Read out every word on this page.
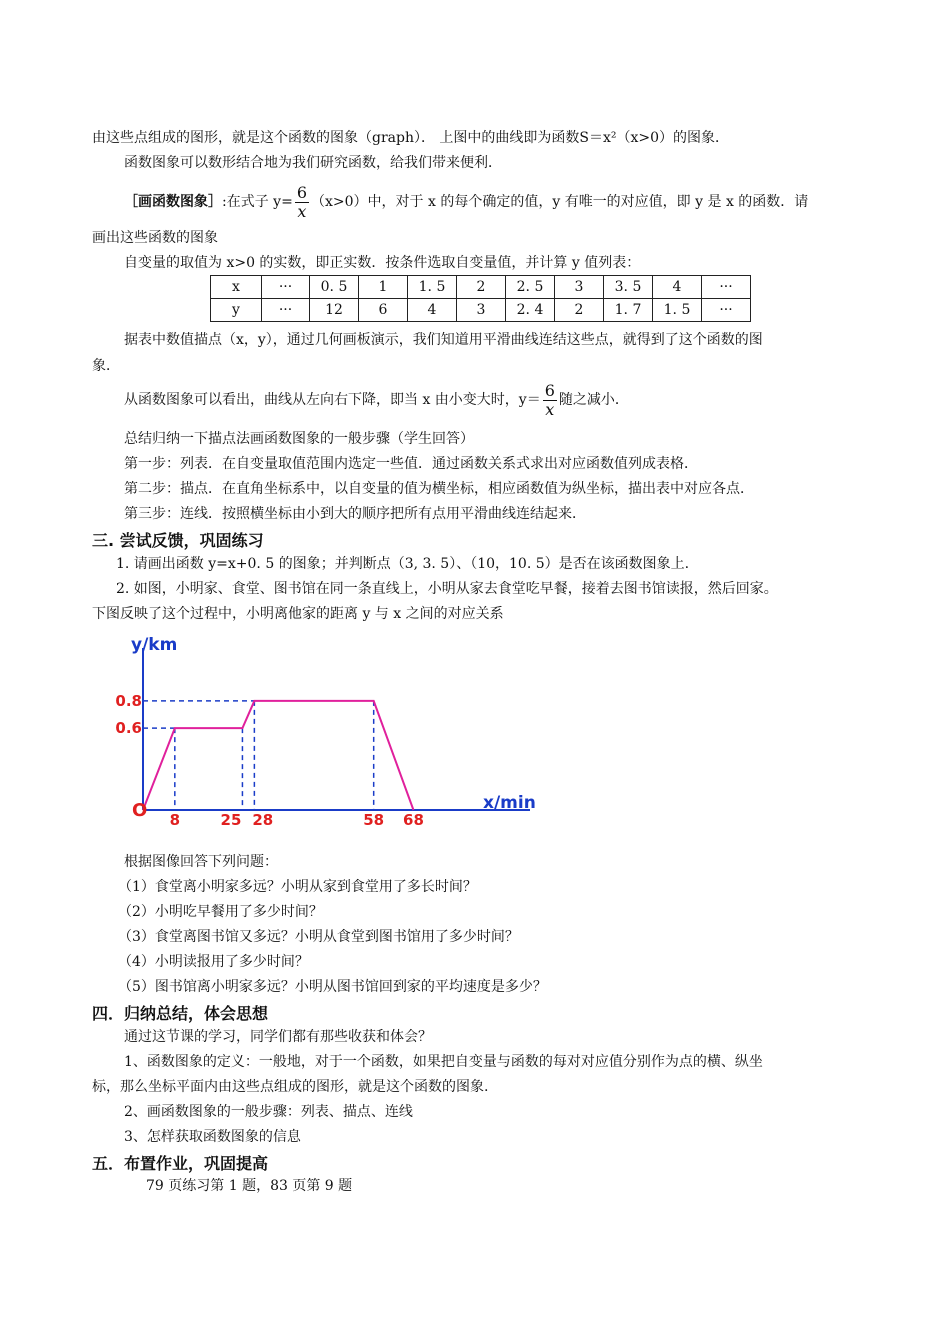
由这些点组成的图形，就是这个函数的图象（graph）． 上图中的曲线即为函数S＝x²（x>0）的图象．
函数图象可以数形结合地为我们研究函数，给我们带来便利．
［画函数图象］:在式子 $y= \frac{6}{x} (x>0)$中，对于 x 的每个确定的值，y 有唯一的对应值，即 y 是 x 的函数．请
画出这些函数的图象
自变量的取值为 x>0 的实数，即正实数．按条件选取自变量值，并计算 y 值列表：
x	···	0. 5	1	1. 5	2	2. 5	3	3. 5	4	···
y	···	12	6	4	3	2. 4	2	1. 7	1. 5	···
据表中数值描点（x，y），通过几何画板演示，我们知道用平滑曲线连结这些点，就得到了这个函数的图
象．
从函数图象可以看出，曲线从左向右下降，即当 x 由小变大时，$y= \frac{6}{x}$ 随之减小．
总结归纳一下描点法画函数图象的一般步骤（学生回答）
第一步：列表．在自变量取值范围内选定一些值．通过函数关系式求出对应函数值列成表格．
第二步：描点．在直角坐标系中，以自变量的值为横坐标，相应函数值为纵坐标，描出表中对应各点．
第三步：连线．按照横坐标由小到大的顺序把所有点用平滑曲线连结起来．
三. 尝试反馈，巩固练习
1. 请画出函数 y=x+0. 5 的图象；并判断点（3, 3. 5）、（10，10. 5）是否在该函数图象上.
2. 如图，小明家、食堂、图书馆在同一条直线上，小明从家去食堂吃早餐，接着去图书馆读报，然后回家。
下图反映了这个过程中，小明离他家的距离 y 与 x 之间的对应关系
8	25 28	58 68
0.6
0.8
y/km
x/min
O
根据图像回答下列问题：
（1）食堂离小明家多远？小明从家到食堂用了多长时间？
（2）小明吃早餐用了多少时间？
（3）食堂离图书馆又多远？小明从食堂到图书馆用了多少时间？
（4）小明读报用了多少时间？
（5）图书馆离小明家多远？小明从图书馆回到家的平均速度是多少？
四．归纳总结，体会思想
通过这节课的学习，同学们都有那些收获和体会？
1、函数图象的定义：一般地，对于一个函数，如果把自变量与函数的每对对应值分别作为点的横、纵坐
标，那么坐标平面内由这些点组成的图形，就是这个函数的图象.
2、画函数图象的一般步骤：列表、描点、连线
3、怎样获取函数图象的信息
五．布置作业，巩固提高
79 页练习第 1 题，83 页第 9 题
